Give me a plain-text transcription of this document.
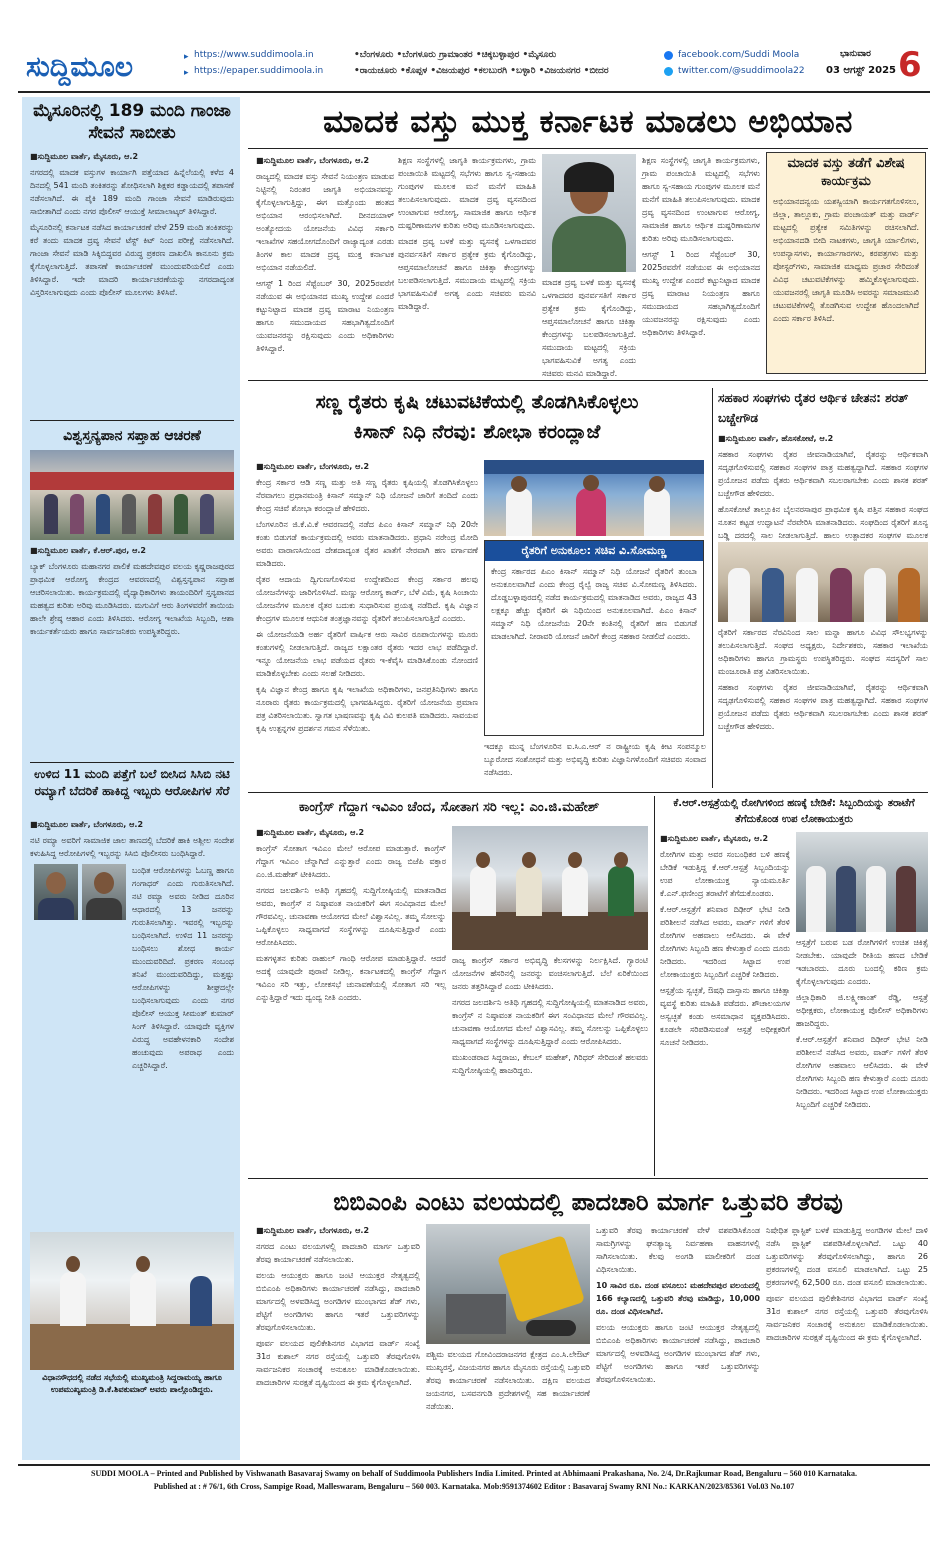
ಸುದ್ದಿಮೂಲ	▸ https://www.suddimoola.in
▸ https://epaper.suddimoola.in
•ಬೆಂಗಳೂರು •ಬೆಂಗಳೂರು ಗ್ರಾಮಾಂತರ •ಚಿಕ್ಕಬಳ್ಳಾಪುರ •ಮೈಸೂರು
•ರಾಯಚೂರು •ಕೊಪ್ಪಳ •ವಿಜಯಪುರ •ಕಲಬುರಗಿ •ಬಳ್ಳಾರಿ •ವಿಜಯನಗರ •ಬೀದರ
facebook.com/Suddi Moola
twitter.com/@suddimoola22
ಭಾನುವಾರ
03 ಆಗಸ್ಟ್ 2025 6
ಮೈಸೂರಿನಲ್ಲಿ 189 ಮಂದಿ ಗಾಂಜಾ ಸೇವನೆ ಸಾಬೀತು

■ಸುದ್ದಿಮೂಲ ವಾರ್ತೆ, ಮೈಸೂರು, ಆ.2

ನಗರದಲ್ಲಿ ಮಾದಕ ವಸ್ತುಗಳ ಕಾರ್ಯಾಗಿ ಪತ್ತೆಯಾದ ಹಿನ್ನೆಲೆಯಲ್ಲಿ ಕಳೆದ 4 ದಿನದಲ್ಲಿ 541 ಮಂದಿ ತಂಕಿತರನ್ನು ಶೋಧಿಸಲಾಗಿ ಶಿಕ್ಷಕರ ಕಡ್ಡಾಯದಲ್ಲಿ ತಪಾಸಣೆ ನಡೆಸಲಾಗಿದೆ. ಈ ಪೈಕಿ 189 ಮಂದಿ ಗಾಂಜಾ ಸೇವನೆ ಮಾಡಿರುವುದು ಸಾಬೀತಾಗಿದೆ ಎಂದು ನಗರ ಪೊಲೀಸ್ ಆಯುಕ್ತೆ ಸೀಮಾಲಾಟ್ಕರ್ ತಿಳಿಸಿದ್ದಾರೆ.

ಮೈಸೂರಿನಲ್ಲಿ ಕರ್ನಾಟಕ ನಡೆಸಿದ ಕಾರ್ಯಾಚರಣೆ ವೇಳೆ 259 ಮಂದಿ ತಂಕಿತರನ್ನು ಕರೆ ತಂದು ಮಾದಕ ದ್ರವ್ಯ ಸೇವನೆ ಟೆಸ್ಟ್ ಕಿಟ್ ನಿಂದ ಪರೀಕ್ಷೆ ನಡೆಸಲಾಗಿದೆ. ಗಾಂಜಾ ಸೇವನೆ ಮಾಡಿ ಸಿಕ್ಕಿಬಿದ್ದವರ ವಿರುದ್ಧ ಪ್ರಕರಣ ದಾಖಲಿಸಿ ಕಾನೂನು ಕ್ರಮ ಕೈಗೊಳ್ಳಲಾಗುತ್ತಿದೆ. ತಪಾಸಣೆ ಕಾರ್ಯಾಚರಣೆ ಮುಂದುವರಿಯಲಿದೆ ಎಂದು ತಿಳಿಸಿದ್ದಾರೆ. ಇದೇ ಮಾದರಿ ಕಾರ್ಯಾಚರಣೆಯನ್ನು ನಗರದಾದ್ಯಂತ ವಿಸ್ತರಿಸಲಾಗುವುದು ಎಂದು ಪೊಲೀಸ್ ಮೂಲಗಳು ತಿಳಿಸಿವೆ.

ವಿಶ್ವಸ್ತನ್ಯಪಾನ ಸಪ್ತಾಹ ಆಚರಣೆ

■ಸುದ್ದಿಮೂಲ ವಾರ್ತೆ, ಕೆ.ಆರ್.ಪುರ, ಆ.2

ಬ್ಯಾಕ್ ಬೆಂಗಳೂರು ಮಹಾನಗರ ಪಾಲಿಕೆ ಮಹದೇವಪುರ ವಲಯ ಕೃಷ್ಣರಾಜಪುರದ ಪ್ರಾಥಮಿಕ ಆರೋಗ್ಯ ಕೇಂದ್ರದ ಆವರಣದಲ್ಲಿ ವಿಶ್ವಸ್ತನ್ಯಪಾನ ಸಪ್ತಾಹ ಆಚರಿಸಲಾಯಿತು. ಕಾರ್ಯಕ್ರಮದಲ್ಲಿ ವೈದ್ಯಾಧಿಕಾರಿಗಳು ತಾಯಂದಿರಿಗೆ ಸ್ತನ್ಯಪಾನದ ಮಹತ್ವದ ಕುರಿತು ಅರಿವು ಮೂಡಿಸಿದರು. ಮಗುವಿಗೆ ಆರು ತಿಂಗಳವರೆಗೆ ತಾಯಿಯ ಹಾಲೇ ಶ್ರೇಷ್ಠ ಆಹಾರ ಎಂದು ತಿಳಿಸಿದರು. ಆರೋಗ್ಯ ಇಲಾಖೆಯ ಸಿಬ್ಬಂದಿ, ಆಶಾ ಕಾರ್ಯಕರ್ತೆಯರು ಹಾಗೂ ಸಾರ್ವಜನಿಕರು ಉಪಸ್ಥಿತರಿದ್ದರು.

ಉಳಿದ 11 ಮಂದಿ ಪತ್ತೆಗೆ ಬಲೆ ಬೀಸಿದ ಸಿಸಿಬಿ ನಟಿ ರಮ್ಯಾಗೆ ಬೆದರಿಕೆ ಹಾಕಿದ್ದ ಇಬ್ಬರು ಆರೋಪಿಗಳ ಸೆರೆ

■ಸುದ್ದಿಮೂಲ ವಾರ್ತೆ, ಬೆಂಗಳೂರು, ಆ.2

ನಟಿ ರಮ್ಯಾ ಅವರಿಗೆ ಸಾಮಾಜಿಕ ಜಾಲ ತಾಣದಲ್ಲಿ ಬೆದರಿಕೆ ಹಾಕಿ ಅಶ್ಲೀಲ ಸಂದೇಶ ಕಳುಹಿಸಿದ್ದ ಆರೋಪಿಗಳಲ್ಲಿ ಇಬ್ಬರನ್ನು ಸಿಸಿಬಿ ಪೊಲೀಸರು ಬಂಧಿಸಿದ್ದಾರೆ.

ಬಂಧಿತ ಆರೋಪಿಗಳನ್ನು ಓಬಣ್ಣ ಹಾಗೂ ಗಂಗಾಧರ್ ಎಂದು ಗುರುತಿಸಲಾಗಿದೆ. ನಟಿ ರಮ್ಯಾ ಅವರು ನೀಡಿದ ದೂರಿನ ಆಧಾರದಲ್ಲಿ 13 ಜನರನ್ನು ಗುರುತಿಸಲಾಗಿತ್ತು. ಇವರಲ್ಲಿ ಇಬ್ಬರನ್ನು ಬಂಧಿಸಲಾಗಿದೆ. ಉಳಿದ 11 ಜನರನ್ನು ಬಂಧಿಸಲು ಶೋಧ ಕಾರ್ಯ ಮುಂದುವರಿದಿದೆ. ಪ್ರಕರಣ ಸಂಬಂಧ ತನಿಖೆ ಮುಂದುವರಿದಿದ್ದು, ಮತ್ತಷ್ಟು ಆರೋಪಿಗಳನ್ನು ಶೀಘ್ರದಲ್ಲೇ ಬಂಧಿಸಲಾಗುವುದು ಎಂದು ನಗರ ಪೊಲೀಸ್ ಆಯುಕ್ತ ಸೀಮಂತ್ ಕುಮಾರ್ ಸಿಂಗ್ ತಿಳಿಸಿದ್ದಾರೆ. ಯಾವುದೇ ವ್ಯಕ್ತಿಗಳ ವಿರುದ್ಧ ಅವಹೇಳನಕಾರಿ ಸಂದೇಶ ಹಂಚುವುದು ಅಪರಾಧ ಎಂದು ಎಚ್ಚರಿಸಿದ್ದಾರೆ.

ವಿಧಾನಸೌಧದಲ್ಲಿ ನಡೆದ ಸಭೆಯಲ್ಲಿ ಮುಖ್ಯಮಂತ್ರಿ ಸಿದ್ದರಾಮಯ್ಯ ಹಾಗೂ ಉಪಮುಖ್ಯಮಂತ್ರಿ ಡಿ.ಕೆ.ಶಿವಕುಮಾರ್ ಅವರು ಪಾಲ್ಗೊಂಡಿದ್ದರು.
ಮಾದಕ ವಸ್ತು ಮುಕ್ತ ಕರ್ನಾಟಕ ಮಾಡಲು ಅಭಿಯಾನ

■ಸುದ್ದಿಮೂಲ ವಾರ್ತೆ, ಬೆಂಗಳೂರು, ಆ.2

ರಾಜ್ಯದಲ್ಲಿ ಮಾದಕ ವಸ್ತು ಸೇವನೆ ನಿಯಂತ್ರಣ ಮಾಡುವ ನಿಟ್ಟಿನಲ್ಲಿ ನಿರಂತರ ಜಾಗೃತಿ ಅಭಿಯಾನವನ್ನು ಕೈಗೊಳ್ಳಲಾಗುತ್ತಿದ್ದು, ಈಗ ಮತ್ತೊಂದು ಹಂತದ ಅಭಿಯಾನ ಆರಂಭಿಸಲಾಗಿದೆ. ದೀನದಯಾಳ್ ಅಂತ್ಯೋದಯ ಯೋಜನೆಯ ವಿವಿಧ ಸರ್ಕಾರಿ ಇಲಾಖೆಗಳ ಸಹಯೋಗದೊಂದಿಗೆ ರಾಜ್ಯಾದ್ಯಂತ ಎರಡು ತಿಂಗಳ ಕಾಲ ಮಾದಕ ದ್ರವ್ಯ ಮುಕ್ತ ಕರ್ನಾಟಕ ಅಭಿಯಾನ ನಡೆಯಲಿದೆ.

ಆಗಸ್ಟ್ 1 ರಿಂದ ಸೆಪ್ಟೆಂಬರ್ 30, 2025ರವರೆಗೆ ನಡೆಯುವ ಈ ಅಭಿಯಾನದ ಮುಖ್ಯ ಉದ್ದೇಶ ಎಂದರೆ ಕಟ್ಟುನಿಟ್ಟಾದ ಮಾದಕ ದ್ರವ್ಯ ಮಾರಾಟ ನಿಯಂತ್ರಣ ಹಾಗೂ ಸಮುದಾಯದ ಸಹಭಾಗಿತ್ವದೊಂದಿಗೆ ಯುವಜನರನ್ನು ರಕ್ಷಿಸುವುದು ಎಂದು ಅಧಿಕಾರಿಗಳು ತಿಳಿಸಿದ್ದಾರೆ.

ಶಿಕ್ಷಣ ಸಂಸ್ಥೆಗಳಲ್ಲಿ ಜಾಗೃತಿ ಕಾರ್ಯಕ್ರಮಗಳು, ಗ್ರಾಮ ಪಂಚಾಯಿತಿ ಮಟ್ಟದಲ್ಲಿ ಸಭೆಗಳು ಹಾಗೂ ಸ್ವ-ಸಹಾಯ ಗುಂಪುಗಳ ಮೂಲಕ ಮನೆ ಮನೆಗೆ ಮಾಹಿತಿ ತಲುಪಿಸಲಾಗುವುದು. ಮಾದಕ ದ್ರವ್ಯ ವ್ಯಸನದಿಂದ ಉಂಟಾಗುವ ಆರೋಗ್ಯ, ಸಾಮಾಜಿಕ ಹಾಗೂ ಆರ್ಥಿಕ ದುಷ್ಪರಿಣಾಮಗಳ ಕುರಿತು ಅರಿವು ಮೂಡಿಸಲಾಗುವುದು.

ಮಾದಕ ದ್ರವ್ಯ ಬಳಕೆ ಮತ್ತು ವ್ಯಸನಕ್ಕೆ ಒಳಗಾದವರ ಪುನರ್ವಸತಿಗೆ ಸರ್ಕಾರ ಪ್ರತ್ಯೇಕ ಕ್ರಮ ಕೈಗೊಂಡಿದ್ದು, ಆಪ್ತಸಮಾಲೋಚನೆ ಹಾಗೂ ಚಿಕಿತ್ಸಾ ಕೇಂದ್ರಗಳನ್ನು ಬಲಪಡಿಸಲಾಗುತ್ತಿದೆ. ಸಮುದಾಯ ಮಟ್ಟದಲ್ಲಿ ಸಕ್ರಿಯ ಭಾಗವಹಿಸುವಿಕೆ ಅಗತ್ಯ ಎಂದು ಸಚಿವರು ಮನವಿ ಮಾಡಿದ್ದಾರೆ.

ಮಾದಕ ದ್ರವ್ಯ ಬಳಕೆ ಮತ್ತು ವ್ಯಸನಕ್ಕೆ ಒಳಗಾದವರ ಪುನರ್ವಸತಿಗೆ ಸರ್ಕಾರ ಪ್ರತ್ಯೇಕ ಕ್ರಮ ಕೈಗೊಂಡಿದ್ದು, ಆಪ್ತಸಮಾಲೋಚನೆ ಹಾಗೂ ಚಿಕಿತ್ಸಾ ಕೇಂದ್ರಗಳನ್ನು ಬಲಪಡಿಸಲಾಗುತ್ತಿದೆ. ಸಮುದಾಯ ಮಟ್ಟದಲ್ಲಿ ಸಕ್ರಿಯ ಭಾಗವಹಿಸುವಿಕೆ ಅಗತ್ಯ ಎಂದು ಸಚಿವರು ಮನವಿ ಮಾಡಿದ್ದಾರೆ.

ಶಿಕ್ಷಣ ಸಂಸ್ಥೆಗಳಲ್ಲಿ ಜಾಗೃತಿ ಕಾರ್ಯಕ್ರಮಗಳು, ಗ್ರಾಮ ಪಂಚಾಯಿತಿ ಮಟ್ಟದಲ್ಲಿ ಸಭೆಗಳು ಹಾಗೂ ಸ್ವ-ಸಹಾಯ ಗುಂಪುಗಳ ಮೂಲಕ ಮನೆ ಮನೆಗೆ ಮಾಹಿತಿ ತಲುಪಿಸಲಾಗುವುದು. ಮಾದಕ ದ್ರವ್ಯ ವ್ಯಸನದಿಂದ ಉಂಟಾಗುವ ಆರೋಗ್ಯ, ಸಾಮಾಜಿಕ ಹಾಗೂ ಆರ್ಥಿಕ ದುಷ್ಪರಿಣಾಮಗಳ ಕುರಿತು ಅರಿವು ಮೂಡಿಸಲಾಗುವುದು.

ಆಗಸ್ಟ್ 1 ರಿಂದ ಸೆಪ್ಟೆಂಬರ್ 30, 2025ರವರೆಗೆ ನಡೆಯುವ ಈ ಅಭಿಯಾನದ ಮುಖ್ಯ ಉದ್ದೇಶ ಎಂದರೆ ಕಟ್ಟುನಿಟ್ಟಾದ ಮಾದಕ ದ್ರವ್ಯ ಮಾರಾಟ ನಿಯಂತ್ರಣ ಹಾಗೂ ಸಮುದಾಯದ ಸಹಭಾಗಿತ್ವದೊಂದಿಗೆ ಯುವಜನರನ್ನು ರಕ್ಷಿಸುವುದು ಎಂದು ಅಧಿಕಾರಿಗಳು ತಿಳಿಸಿದ್ದಾರೆ.

ಮಾದಕ ವಸ್ತು ತಡೆಗೆ ವಿಶೇಷ ಕಾರ್ಯಕ್ರಮ
ಅಭಿಯಾನದನ್ವಯ ಯಶಸ್ವಿಯಾಗಿ ಕಾರ್ಯಗತಗೊಳಿಸಲು, ಜಿಲ್ಲಾ, ತಾಲ್ಲೂಕು, ಗ್ರಾಮ ಪಂಚಾಯತ್ ಮತ್ತು ವಾರ್ಡ್ ಮಟ್ಟದಲ್ಲಿ ಪ್ರತ್ಯೇಕ ಸಮಿತಿಗಳನ್ನು ರಚಿಸಲಾಗಿದೆ. ಅಭಿಯಾನದಡಿ ಬೀದಿ ನಾಟಕಗಳು, ಜಾಗೃತಿ ರ್ಯಾಲಿಗಳು, ಉಪನ್ಯಾಸಗಳು, ಕಾರ್ಯಾಗಾರಗಳು, ಕರಪತ್ರಗಳು ಮತ್ತು ಪೋಸ್ಟರ್‌ಗಳು, ಸಾಮಾಜಿಕ ಮಾಧ್ಯಮ ಪ್ರಚಾರ ಸೇರಿದಂತೆ ವಿವಿಧ ಚಟುವಟಿಕೆಗಳನ್ನು ಹಮ್ಮಿಕೊಳ್ಳಲಾಗುವುದು. ಯುವಜನರಲ್ಲಿ ಜಾಗೃತಿ ಮೂಡಿಸಿ ಅವರನ್ನು ಸಮಾಜಮುಖಿ ಚಟುವಟಿಕೆಗಳಲ್ಲಿ ತೊಡಗಿಸುವ ಉದ್ದೇಶ ಹೊಂದಲಾಗಿದೆ ಎಂದು ಸರ್ಕಾರ ತಿಳಿಸಿದೆ.
ಸಣ್ಣ ರೈತರು ಕೃಷಿ ಚಟುವಟಿಕೆಯಲ್ಲಿ ತೊಡಗಿಸಿಕೊಳ್ಳಲು
ಕಿಸಾನ್ ನಿಧಿ ನೆರವು: ಶೋಭಾ ಕರಂದ್ಲಾಜೆ

■ಸುದ್ದಿಮೂಲ ವಾರ್ತೆ, ಬೆಂಗಳೂರು, ಆ.2

ಕೇಂದ್ರ ಸರ್ಕಾರ ಆಡಿ ಸಣ್ಣ ಮತ್ತು ಅತಿ ಸಣ್ಣ ರೈತರು ಕೃಷಿಯಲ್ಲಿ ತೊಡಗಿಸಿಕೊಳ್ಳಲು ನೆರವಾಗಲು ಪ್ರಧಾನಮಂತ್ರಿ ಕಿಸಾನ್ ಸಮ್ಮಾನ್ ನಿಧಿ ಯೋಜನೆ ಜಾರಿಗೆ ತಂದಿದೆ ಎಂದು ಕೇಂದ್ರ ಸಚಿವೆ ಶೋಭಾ ಕರಂದ್ಲಾಜೆ ಹೇಳಿದರು.

ಬೆಂಗಳೂರಿನ ಜಿ.ಕೆ.ವಿ.ಕೆ ಆವರಣದಲ್ಲಿ ನಡೆದ ಪಿಎಂ ಕಿಸಾನ್ ಸಮ್ಮಾನ್ ನಿಧಿ 20ನೇ ಕಂತು ಬಿಡುಗಡೆ ಕಾರ್ಯಕ್ರಮದಲ್ಲಿ ಅವರು ಮಾತನಾಡಿದರು. ಪ್ರಧಾನಿ ನರೇಂದ್ರ ಮೋದಿ ಅವರು ವಾರಾಣಸಿಯಿಂದ ದೇಶದಾದ್ಯಂತ ರೈತರ ಖಾತೆಗೆ ನೇರವಾಗಿ ಹಣ ವರ್ಗಾವಣೆ ಮಾಡಿದರು.

ರೈತರ ಆದಾಯ ದ್ವಿಗುಣಗೊಳಿಸುವ ಉದ್ದೇಶದಿಂದ ಕೇಂದ್ರ ಸರ್ಕಾರ ಹಲವು ಯೋಜನೆಗಳನ್ನು ಜಾರಿಗೊಳಿಸಿದೆ. ಮಣ್ಣು ಆರೋಗ್ಯ ಕಾರ್ಡ್, ಬೆಳೆ ವಿಮೆ, ಕೃಷಿ ಸಿಂಚಾಯಿ ಯೋಜನೆಗಳ ಮೂಲಕ ರೈತರ ಬದುಕು ಸುಧಾರಿಸುವ ಪ್ರಯತ್ನ ನಡೆದಿದೆ. ಕೃಷಿ ವಿಜ್ಞಾನ ಕೇಂದ್ರಗಳ ಮೂಲಕ ಆಧುನಿಕ ತಂತ್ರಜ್ಞಾನವನ್ನು ರೈತರಿಗೆ ತಲುಪಿಸಲಾಗುತ್ತಿದೆ ಎಂದರು.

ಈ ಯೋಜನೆಯಡಿ ಅರ್ಹ ರೈತರಿಗೆ ವಾರ್ಷಿಕ ಆರು ಸಾವಿರ ರೂಪಾಯಿಗಳನ್ನು ಮೂರು ಕಂತುಗಳಲ್ಲಿ ನೀಡಲಾಗುತ್ತಿದೆ. ರಾಜ್ಯದ ಲಕ್ಷಾಂತರ ರೈತರು ಇದರ ಲಾಭ ಪಡೆದಿದ್ದಾರೆ. ಇನ್ನೂ ಯೋಜನೆಯ ಲಾಭ ಪಡೆಯದ ರೈತರು ಇ-ಕೆವೈಸಿ ಮಾಡಿಸಿಕೊಂಡು ನೋಂದಣಿ ಮಾಡಿಕೊಳ್ಳಬೇಕು ಎಂದು ಸಲಹೆ ನೀಡಿದರು.

ಕೃಷಿ ವಿಜ್ಞಾನ ಕೇಂದ್ರ ಹಾಗೂ ಕೃಷಿ ಇಲಾಖೆಯ ಅಧಿಕಾರಿಗಳು, ಜನಪ್ರತಿನಿಧಿಗಳು ಹಾಗೂ ನೂರಾರು ರೈತರು ಕಾರ್ಯಕ್ರಮದಲ್ಲಿ ಭಾಗವಹಿಸಿದ್ದರು. ರೈತರಿಗೆ ಯೋಜನೆಯ ಪ್ರಮಾಣ ಪತ್ರ ವಿತರಿಸಲಾಯಿತು. ಸ್ವಾಗತ ಭಾಷಣವನ್ನು ಕೃಷಿ ವಿವಿ ಕುಲಪತಿ ಮಾಡಿದರು. ಸಾವಯವ ಕೃಷಿ ಉತ್ಪನ್ನಗಳ ಪ್ರದರ್ಶನ ಗಮನ ಸೆಳೆಯಿತು.

ರೈತರಿಗೆ ಅನುಕೂಲ: ಸಚಿವ ವಿ.ಸೋಮಣ್ಣ
ಕೇಂದ್ರ ಸರ್ಕಾರದ ಪಿಎಂ ಕಿಸಾನ್ ಸಮ್ಮಾನ್ ನಿಧಿ ಯೋಜನೆ ರೈತರಿಗೆ ತುಂಬಾ ಅನುಕೂಲವಾಗಿದೆ ಎಂದು ಕೇಂದ್ರ ರೈಲ್ವೆ ರಾಜ್ಯ ಸಚಿವ ವಿ.ಸೋಮಣ್ಣ ತಿಳಿಸಿದರು. ದೊಡ್ಡಬಳ್ಳಾಪುರದಲ್ಲಿ ನಡೆದ ಕಾರ್ಯಕ್ರಮದಲ್ಲಿ ಮಾತನಾಡಿದ ಅವರು, ರಾಜ್ಯದ 43 ಲಕ್ಷಕ್ಕೂ ಹೆಚ್ಚು ರೈತರಿಗೆ ಈ ನಿಧಿಯಿಂದ ಅನುಕೂಲವಾಗಿದೆ. ಪಿಎಂ ಕಿಸಾನ್ ಸಮ್ಮಾನ್ ನಿಧಿ ಯೋಜನೆಯ 20ನೇ ಕಂತಿನಲ್ಲಿ ರೈತರಿಗೆ ಹಣ ಬಿಡುಗಡೆ ಮಾಡಲಾಗಿದೆ. ನೀರಾವರಿ ಯೋಜನೆ ಜಾರಿಗೆ ಕೇಂದ್ರ ಸಹಕಾರ ನೀಡಲಿದೆ ಎಂದರು.

ಇದಕ್ಕೂ ಮುನ್ನ ಬೆಂಗಳೂರಿನ ಐ.ಸಿ.ಎ.ಆರ್ ನ ರಾಷ್ಟ್ರೀಯ ಕೃಷಿ ಕೀಟ ಸಂಪನ್ಮೂಲ ಬ್ಯೂರೋದ ಸಂಶೋಧನೆ ಮತ್ತು ಅಭಿವೃದ್ಧಿ ಕುರಿತು ವಿಜ್ಞಾನಿಗಳೊಂದಿಗೆ ಸಚಿವರು ಸಂವಾದ ನಡೆಸಿದರು.

ಸಹಕಾರ ಸಂಘಗಳು ರೈತರ ಆರ್ಥಿಕ ಚೇತನ: ಶರತ್ ಬಚ್ಚೇಗೌಡ

■ಸುದ್ದಿಮೂಲ ವಾರ್ತೆ, ಹೊಸಕೋಟೆ, ಆ.2

ಸಹಕಾರ ಸಂಘಗಳು ರೈತರ ಜೀವನಾಡಿಯಾಗಿವೆ, ರೈತರನ್ನು ಆರ್ಥಿಕವಾಗಿ ಸದೃಢಗೊಳಿಸುವಲ್ಲಿ ಸಹಕಾರ ಸಂಘಗಳ ಪಾತ್ರ ಮಹತ್ವದ್ದಾಗಿದೆ. ಸಹಕಾರ ಸಂಘಗಳ ಪ್ರಯೋಜನ ಪಡೆದು ರೈತರು ಆರ್ಥಿಕವಾಗಿ ಸಬಲರಾಗಬೇಕು ಎಂದು ಶಾಸಕ ಶರತ್ ಬಚ್ಚೇಗೌಡ ಹೇಳಿದರು.

ಹೊಸಕೋಟೆ ತಾಲ್ಲೂಕಿನ ಬೈಲನರಸಾಪುರ ಪ್ರಾಥಮಿಕ ಕೃಷಿ ಪತ್ತಿನ ಸಹಕಾರ ಸಂಘದ ನೂತನ ಕಟ್ಟಡ ಉದ್ಘಾಟನೆ ನೆರವೇರಿಸಿ ಮಾತನಾಡಿದರು. ಸಂಘದಿಂದ ರೈತರಿಗೆ ಶೂನ್ಯ ಬಡ್ಡಿ ದರದಲ್ಲಿ ಸಾಲ ನೀಡಲಾಗುತ್ತಿದೆ. ಹಾಲು ಉತ್ಪಾದಕರ ಸಂಘಗಳ ಮೂಲಕ

ರೈತರಿಗೆ ಸರ್ಕಾರದ ನೆರವಿನಿಂದ ಸಾಲ ಮನ್ನಾ ಹಾಗೂ ವಿವಿಧ ಸೌಲಭ್ಯಗಳನ್ನು ತಲುಪಿಸಲಾಗುತ್ತಿದೆ. ಸಂಘದ ಅಧ್ಯಕ್ಷರು, ನಿರ್ದೇಶಕರು, ಸಹಕಾರ ಇಲಾಖೆಯ ಅಧಿಕಾರಿಗಳು ಹಾಗೂ ಗ್ರಾಮಸ್ಥರು ಉಪಸ್ಥಿತರಿದ್ದರು. ಸಂಘದ ಸದಸ್ಯರಿಗೆ ಸಾಲ ಮಂಜೂರಾತಿ ಪತ್ರ ವಿತರಿಸಲಾಯಿತು.

ಸಹಕಾರ ಸಂಘಗಳು ರೈತರ ಜೀವನಾಡಿಯಾಗಿವೆ, ರೈತರನ್ನು ಆರ್ಥಿಕವಾಗಿ ಸದೃಢಗೊಳಿಸುವಲ್ಲಿ ಸಹಕಾರ ಸಂಘಗಳ ಪಾತ್ರ ಮಹತ್ವದ್ದಾಗಿದೆ. ಸಹಕಾರ ಸಂಘಗಳ ಪ್ರಯೋಜನ ಪಡೆದು ರೈತರು ಆರ್ಥಿಕವಾಗಿ ಸಬಲರಾಗಬೇಕು ಎಂದು ಶಾಸಕ ಶರತ್ ಬಚ್ಚೇಗೌಡ ಹೇಳಿದರು.

ಕಾಂಗ್ರೆಸ್ ಗೆದ್ದಾಗ ಇವಿಎಂ ಚೆಂದ, ಸೋತಾಗ ಸರಿ ಇಲ್ಲ: ಎಂ.ಜಿ.ಮಹೇಶ್

■ಸುದ್ದಿಮೂಲ ವಾರ್ತೆ, ಮೈಸೂರು, ಆ.2

ಕಾಂಗ್ರೆಸ್ ಸೋತಾಗ ಇವಿಎಂ ಮೇಲೆ ಆರೋಪ ಮಾಡುತ್ತಾರೆ. ಕಾಂಗ್ರೆಸ್ ಗೆದ್ದಾಗ ಇವಿಎಂ ಚೆನ್ನಾಗಿದೆ ಎನ್ನುತ್ತಾರೆ ಎಂದು ರಾಜ್ಯ ಬಿಜೆಪಿ ವಕ್ತಾರ ಎಂ.ಜಿ.ಮಹೇಶ್ ಟೀಕಿಸಿದರು.

ನಗರದ ಜಲದರ್ಶಿನಿ ಅತಿಥಿ ಗೃಹದಲ್ಲಿ ಸುದ್ದಿಗೋಷ್ಠಿಯಲ್ಲಿ ಮಾತನಾಡಿದ ಅವರು, ಕಾಂಗ್ರೆಸ್ ನ ನಿಷ್ಠಾವಂತ ನಾಯಕರಿಗೆ ಈಗ ಸಂವಿಧಾನದ ಮೇಲೆ ಗೌರವವಿಲ್ಲ. ಚುನಾವಣಾ ಆಯೋಗದ ಮೇಲೆ ವಿಶ್ವಾಸವಿಲ್ಲ. ತಮ್ಮ ಸೋಲನ್ನು ಒಪ್ಪಿಕೊಳ್ಳಲು ಸಾಧ್ಯವಾಗದೆ ಸಂಸ್ಥೆಗಳನ್ನು ದೂಷಿಸುತ್ತಿದ್ದಾರೆ ಎಂದು ಆರೋಪಿಸಿದರು.

ಮತಗಳ್ಳತನ ಕುರಿತು ರಾಹುಲ್ ಗಾಂಧಿ ಆರೋಪ ಮಾಡುತ್ತಿದ್ದಾರೆ. ಆದರೆ ಅದಕ್ಕೆ ಯಾವುದೇ ಪುರಾವೆ ನೀಡಿಲ್ಲ. ಕರ್ನಾಟಕದಲ್ಲಿ ಕಾಂಗ್ರೆಸ್ ಗೆದ್ದಾಗ ಇವಿಎಂ ಸರಿ ಇತ್ತು, ಲೋಕಸಭೆ ಚುನಾವಣೆಯಲ್ಲಿ ಸೋತಾಗ ಸರಿ ಇಲ್ಲ ಎನ್ನುತ್ತಿದ್ದಾರೆ ಇದು ದ್ವಂದ್ವ ನೀತಿ ಎಂದರು.

ರಾಜ್ಯ ಕಾಂಗ್ರೆಸ್ ಸರ್ಕಾರ ಅಭಿವೃದ್ಧಿ ಕೆಲಸಗಳನ್ನು ನಿರ್ಲಕ್ಷಿಸಿದೆ. ಗ್ಯಾರಂಟಿ ಯೋಜನೆಗಳ ಹೆಸರಿನಲ್ಲಿ ಜನರನ್ನು ವಂಚಿಸಲಾಗುತ್ತಿದೆ. ಬೆಲೆ ಏರಿಕೆಯಿಂದ ಜನರು ತತ್ತರಿಸಿದ್ದಾರೆ ಎಂದು ಟೀಕಿಸಿದರು.

ನಗರದ ಜಲದರ್ಶಿನಿ ಅತಿಥಿ ಗೃಹದಲ್ಲಿ ಸುದ್ದಿಗೋಷ್ಠಿಯಲ್ಲಿ ಮಾತನಾಡಿದ ಅವರು, ಕಾಂಗ್ರೆಸ್ ನ ನಿಷ್ಠಾವಂತ ನಾಯಕರಿಗೆ ಈಗ ಸಂವಿಧಾನದ ಮೇಲೆ ಗೌರವವಿಲ್ಲ. ಚುನಾವಣಾ ಆಯೋಗದ ಮೇಲೆ ವಿಶ್ವಾಸವಿಲ್ಲ. ತಮ್ಮ ಸೋಲನ್ನು ಒಪ್ಪಿಕೊಳ್ಳಲು ಸಾಧ್ಯವಾಗದೆ ಸಂಸ್ಥೆಗಳನ್ನು ದೂಷಿಸುತ್ತಿದ್ದಾರೆ ಎಂದು ಆರೋಪಿಸಿದರು.

ಮುಖಂಡರಾದ ಸಿದ್ದರಾಜು, ಕೇಬಲ್ ಮಹೇಶ್, ಗಿರಿಧರ್ ಸೇರಿದಂತೆ ಹಲವರು ಸುದ್ದಿಗೋಷ್ಠಿಯಲ್ಲಿ ಹಾಜರಿದ್ದರು.

ಕೆ.ಆರ್.ಆಸ್ಪತ್ರೆಯಲ್ಲಿ ರೋಗಿಗಳಿಂದ ಹಣಕ್ಕೆ ಬೇಡಿಕೆ: ಸಿಬ್ಬಂದಿಯನ್ನು ತರಾಟೆಗೆ ತೆಗೆದುಕೊಂಡ ಉಪ ಲೋಕಾಯುಕ್ತರು

■ಸುದ್ದಿಮೂಲ ವಾರ್ತೆ, ಮೈಸೂರು, ಆ.2

ರೋಗಿಗಳ ಮತ್ತು ಅವರ ಸಂಬಂಧಿಕರ ಬಳಿ ಹಣಕ್ಕೆ ಬೇಡಿಕೆ ಇಡುತ್ತಿದ್ದ ಕೆ.ಆರ್.ಆಸ್ಪತ್ರೆ ಸಿಬ್ಬಂದಿಯನ್ನು ಉಪ ಲೋಕಾಯುಕ್ತ ನ್ಯಾಯಮೂರ್ತಿ ಕೆ.ಎನ್.ಫಣೀಂದ್ರ ತರಾಟೆಗೆ ತೆಗೆದುಕೊಂಡರು.

ಕೆ.ಆರ್.ಆಸ್ಪತ್ರೆಗೆ ಶನಿವಾರ ದಿಢೀರ್ ಭೇಟಿ ನೀಡಿ ಪರಿಶೀಲನೆ ನಡೆಸಿದ ಅವರು, ವಾರ್ಡ್ ಗಳಿಗೆ ತೆರಳಿ ರೋಗಿಗಳ ಅಹವಾಲು ಆಲಿಸಿದರು. ಈ ವೇಳೆ ರೋಗಿಗಳು ಸಿಬ್ಬಂದಿ ಹಣ ಕೇಳುತ್ತಾರೆ ಎಂದು ದೂರು ನೀಡಿದರು. ಇದರಿಂದ ಸಿಟ್ಟಾದ ಉಪ ಲೋಕಾಯುಕ್ತರು ಸಿಬ್ಬಂದಿಗೆ ಎಚ್ಚರಿಕೆ ನೀಡಿದರು.

ಆಸ್ಪತ್ರೆಯ ಸ್ವಚ್ಛತೆ, ಔಷಧಿ ದಾಸ್ತಾನು ಹಾಗೂ ಚಿಕಿತ್ಸಾ ವ್ಯವಸ್ಥೆ ಕುರಿತು ಮಾಹಿತಿ ಪಡೆದರು. ಶೌಚಾಲಯಗಳ ಅಸ್ವಚ್ಛತೆ ಕಂಡು ಅಸಮಾಧಾನ ವ್ಯಕ್ತಪಡಿಸಿದರು. ಕೂಡಲೇ ಸರಿಪಡಿಸುವಂತೆ ಆಸ್ಪತ್ರೆ ಅಧೀಕ್ಷಕರಿಗೆ ಸೂಚನೆ ನೀಡಿದರು.

ಆಸ್ಪತ್ರೆಗೆ ಬರುವ ಬಡ ರೋಗಿಗಳಿಗೆ ಉಚಿತ ಚಿಕಿತ್ಸೆ ನೀಡಬೇಕು. ಯಾವುದೇ ರೀತಿಯ ಹಣದ ಬೇಡಿಕೆ ಇಡಬಾರದು. ದೂರು ಬಂದಲ್ಲಿ ಕಠಿಣ ಕ್ರಮ ಕೈಗೊಳ್ಳಲಾಗುವುದು ಎಂದರು.

ಜಿಲ್ಲಾಧಿಕಾರಿ ಜಿ.ಲಕ್ಷ್ಮೀಕಾಂತ್ ರೆಡ್ಡಿ, ಆಸ್ಪತ್ರೆ ಅಧೀಕ್ಷಕರು, ಲೋಕಾಯುಕ್ತ ಪೊಲೀಸ್ ಅಧಿಕಾರಿಗಳು ಹಾಜರಿದ್ದರು.

ಕೆ.ಆರ್.ಆಸ್ಪತ್ರೆಗೆ ಶನಿವಾರ ದಿಢೀರ್ ಭೇಟಿ ನೀಡಿ ಪರಿಶೀಲನೆ ನಡೆಸಿದ ಅವರು, ವಾರ್ಡ್ ಗಳಿಗೆ ತೆರಳಿ ರೋಗಿಗಳ ಅಹವಾಲು ಆಲಿಸಿದರು. ಈ ವೇಳೆ ರೋಗಿಗಳು ಸಿಬ್ಬಂದಿ ಹಣ ಕೇಳುತ್ತಾರೆ ಎಂದು ದೂರು ನೀಡಿದರು. ಇದರಿಂದ ಸಿಟ್ಟಾದ ಉಪ ಲೋಕಾಯುಕ್ತರು ಸಿಬ್ಬಂದಿಗೆ ಎಚ್ಚರಿಕೆ ನೀಡಿದರು.

ಬಿಬಿಎಂಪಿ ಎಂಟು ವಲಯದಲ್ಲಿ ಪಾದಚಾರಿ ಮಾರ್ಗ ಒತ್ತುವರಿ ತೆರವು

■ಸುದ್ದಿಮೂಲ ವಾರ್ತೆ, ಬೆಂಗಳೂರು, ಆ.2

ನಗರದ ಎಂಟು ವಲಯಗಳಲ್ಲಿ ಪಾದಚಾರಿ ಮಾರ್ಗ ಒತ್ತುವರಿ ತೆರವು ಕಾರ್ಯಾಚರಣೆ ನಡೆಸಲಾಯಿತು.

ವಲಯ ಆಯುಕ್ತರು ಹಾಗೂ ಜಂಟಿ ಆಯುಕ್ತರ ನೇತೃತ್ವದಲ್ಲಿ ಬಿಬಿಎಂಪಿ ಅಧಿಕಾರಿಗಳು ಕಾರ್ಯಾಚರಣೆ ನಡೆಸಿದ್ದು, ಪಾದಚಾರಿ ಮಾರ್ಗದಲ್ಲಿ ಅಳವಡಿಸಿದ್ದ ಅಂಗಡಿಗಳ ಮುಂಭಾಗದ ಶೆಡ್ ಗಳು, ಪೆಟ್ಟಿಗೆ ಅಂಗಡಿಗಳು ಹಾಗೂ ಇತರೆ ಒತ್ತುವರಿಗಳನ್ನು ತೆರವುಗೊಳಿಸಲಾಯಿತು.

ಪೂರ್ವ ವಲಯದ ಪುಲಿಕೇಶಿನಗರ ವಿಭಾಗದ ವಾರ್ಡ್ ಸಂಖ್ಯೆ 31ರ ಕುಶಾಲ್ ನಗರ ರಸ್ತೆಯಲ್ಲಿ ಒತ್ತುವರಿ ತೆರವುಗೊಳಿಸಿ ಸಾರ್ವಜನಿಕರ ಸಂಚಾರಕ್ಕೆ ಅನುಕೂಲ ಮಾಡಿಕೊಡಲಾಯಿತು. ಪಾದಚಾರಿಗಳ ಸುರಕ್ಷತೆ ದೃಷ್ಟಿಯಿಂದ ಈ ಕ್ರಮ ಕೈಗೊಳ್ಳಲಾಗಿದೆ.

ಪಶ್ಚಿಮ ವಲಯದ ಗೋವಿಂದರಾಜನಗರ ಕ್ಷೇತ್ರದ ಎಂ.ಸಿ.ಲೇಔಟ್ ಮುಖ್ಯರಸ್ತೆ, ವಿಜಯನಗರ ಹಾಗೂ ಮೈಸೂರು ರಸ್ತೆಯಲ್ಲಿ ಒತ್ತುವರಿ ತೆರವು ಕಾರ್ಯಾಚರಣೆ ನಡೆಸಲಾಯಿತು. ದಕ್ಷಿಣ ವಲಯದ ಜಯನಗರ, ಬಸವನಗುಡಿ ಪ್ರದೇಶಗಳಲ್ಲಿ ಸಹ ಕಾರ್ಯಾಚರಣೆ ನಡೆಯಿತು.

ಒತ್ತುವರಿ ತೆರವು ಕಾರ್ಯಾಚರಣೆ ವೇಳೆ ವಶಪಡಿಸಿಕೊಂಡ ಸಾಮಗ್ರಿಗಳನ್ನು ಘನತ್ಯಾಜ್ಯ ನಿರ್ವಹಣಾ ವಾಹನಗಳಲ್ಲಿ ಸಾಗಿಸಲಾಯಿತು. ಕೆಲವು ಅಂಗಡಿ ಮಾಲೀಕರಿಗೆ ದಂಡ ವಿಧಿಸಲಾಯಿತು.

10 ಸಾವಿರ ರೂ. ದಂಡ ವಸೂಲು: ಮಹದೇವಪುರ ವಲಯದಲ್ಲಿ 166 ಕಲ್ಯಾಣದಲ್ಲಿ ಒತ್ತುವರಿ ತೆರವು ಮಾಡಿದ್ದು, 10,000 ರೂ. ದಂಡ ವಿಧಿಸಲಾಗಿದೆ.

ವಲಯ ಆಯುಕ್ತರು ಹಾಗೂ ಜಂಟಿ ಆಯುಕ್ತರ ನೇತೃತ್ವದಲ್ಲಿ ಬಿಬಿಎಂಪಿ ಅಧಿಕಾರಿಗಳು ಕಾರ್ಯಾಚರಣೆ ನಡೆಸಿದ್ದು, ಪಾದಚಾರಿ ಮಾರ್ಗದಲ್ಲಿ ಅಳವಡಿಸಿದ್ದ ಅಂಗಡಿಗಳ ಮುಂಭಾಗದ ಶೆಡ್ ಗಳು, ಪೆಟ್ಟಿಗೆ ಅಂಗಡಿಗಳು ಹಾಗೂ ಇತರೆ ಒತ್ತುವರಿಗಳನ್ನು ತೆರವುಗೊಳಿಸಲಾಯಿತು.

ನಿಷೇಧಿತ ಪ್ಲಾಸ್ಟಿಕ್ ಬಳಕೆ ಮಾಡುತ್ತಿದ್ದ ಅಂಗಡಿಗಳ ಮೇಲೆ ದಾಳಿ ನಡೆಸಿ ಪ್ಲಾಸ್ಟಿಕ್ ವಶಪಡಿಸಿಕೊಳ್ಳಲಾಗಿದೆ. ಒಟ್ಟು 40 ಒತ್ತುವರಿಗಳನ್ನು ತೆರವುಗೊಳಿಸಲಾಗಿದ್ದು, ಹಾಗೂ 26 ಪ್ರಕರಣಗಳಲ್ಲಿ ದಂಡ ವಸೂಲಿ ಮಾಡಲಾಗಿದೆ. ಒಟ್ಟು 25 ಪ್ರಕರಣಗಳಲ್ಲಿ 62,500 ರೂ. ದಂಡ ವಸೂಲಿ ಮಾಡಲಾಯಿತು.

ಪೂರ್ವ ವಲಯದ ಪುಲಿಕೇಶಿನಗರ ವಿಭಾಗದ ವಾರ್ಡ್ ಸಂಖ್ಯೆ 31ರ ಕುಶಾಲ್ ನಗರ ರಸ್ತೆಯಲ್ಲಿ ಒತ್ತುವರಿ ತೆರವುಗೊಳಿಸಿ ಸಾರ್ವಜನಿಕರ ಸಂಚಾರಕ್ಕೆ ಅನುಕೂಲ ಮಾಡಿಕೊಡಲಾಯಿತು. ಪಾದಚಾರಿಗಳ ಸುರಕ್ಷತೆ ದೃಷ್ಟಿಯಿಂದ ಈ ಕ್ರಮ ಕೈಗೊಳ್ಳಲಾಗಿದೆ.

SUDDI MOOLA – Printed and Published by Vishwanath Basavaraj Swamy on behalf of Suddimoola Publishers India Limited. Printed at Abhimaani Prakashana, No. 2/4, Dr.Rajkumar Road, Bengaluru – 560 010 Karnataka.
Published at : # 76/1, 6th Cross, Sampige Road, Malleswaram, Bengaluru – 560 003. Karnataka. Mob:9591374602 Editor : Basavaraj Swamy RNI No.: KARKAN/2023/85361 Vol.03 No.107
